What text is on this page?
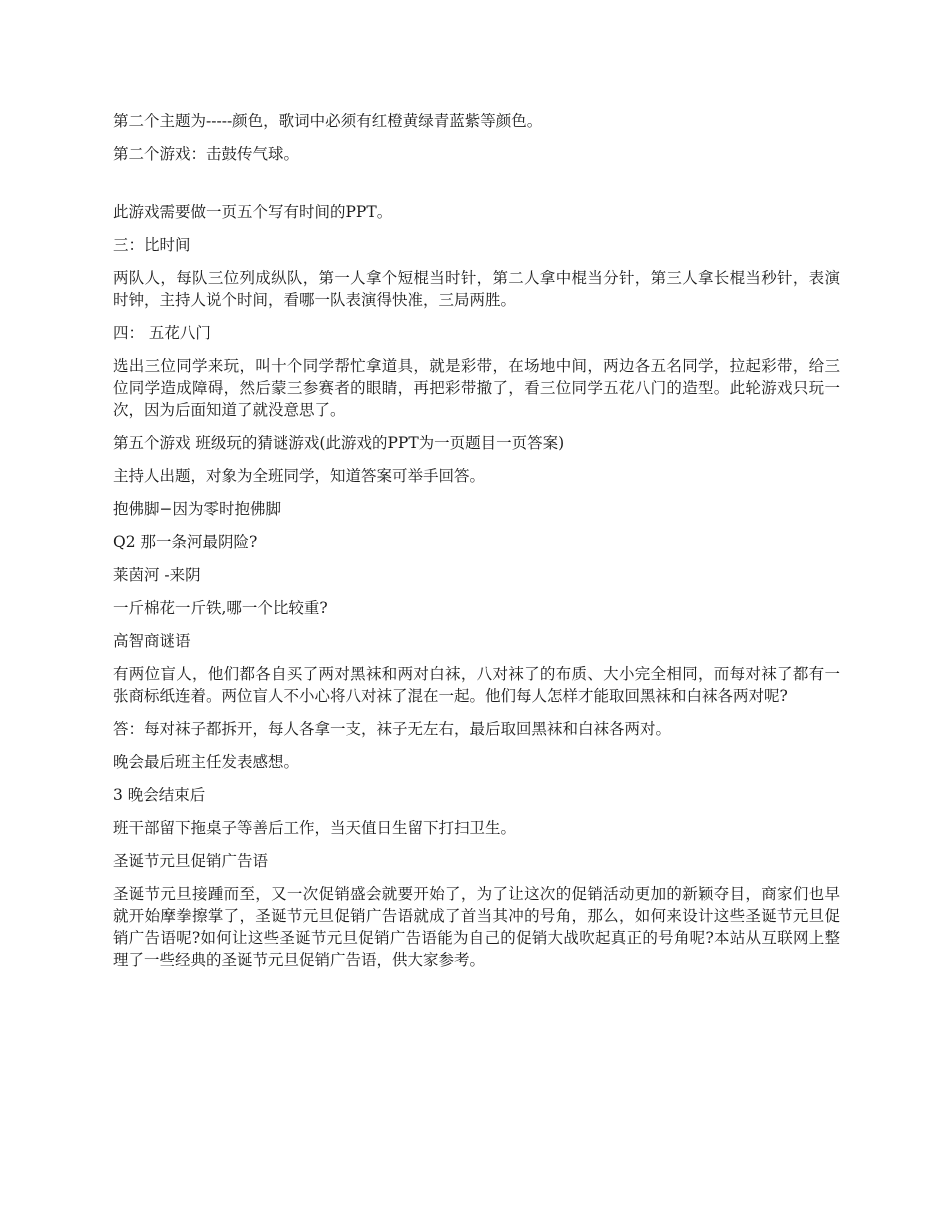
第二个主题为-----颜色，歌词中必须有红橙黄绿青蓝紫等颜色。

第二个游戏：击鼓传气球。

此游戏需要做一页五个写有时间的PPT。

三：比时间

两队人，每队三位列成纵队，第一人拿个短棍当时针，第二人拿中棍当分针，第三人拿长棍当秒针，表演时钟，主持人说个时间，看哪一队表演得快准，三局两胜。

四： 五花八门

选出三位同学来玩，叫十个同学帮忙拿道具，就是彩带，在场地中间，两边各五名同学，拉起彩带，给三位同学造成障碍，然后蒙三参赛者的眼睛，再把彩带撤了，看三位同学五花八门的造型。此轮游戏只玩一次，因为后面知道了就没意思了。

第五个游戏 班级玩的猜谜游戏(此游戏的PPT为一页题目一页答案)

主持人出题，对象为全班同学，知道答案可举手回答。

抱佛脚−因为零时抱佛脚

Q2 那一条河最阴险?

莱茵河 -来阴

一斤棉花一斤铁,哪一个比较重?

高智商谜语

有两位盲人，他们都各自买了两对黑袜和两对白袜，八对袜了的布质、大小完全相同，而每对袜了都有一张商标纸连着。两位盲人不小心将八对袜了混在一起。他们每人怎样才能取回黑袜和白袜各两对呢?

答：每对袜子都拆开，每人各拿一支，袜子无左右，最后取回黑袜和白袜各两对。

晚会最后班主任发表感想。

3 晚会结束后

班干部留下拖桌子等善后工作，当天值日生留下打扫卫生。

圣诞节元旦促销广告语

圣诞节元旦接踵而至，又一次促销盛会就要开始了，为了让这次的促销活动更加的新颖夺目，商家们也早就开始摩拳擦掌了，圣诞节元旦促销广告语就成了首当其冲的号角，那么，如何来设计这些圣诞节元旦促销广告语呢?如何让这些圣诞节元旦促销广告语能为自己的促销大战吹起真正的号角呢?本站从互联网上整理了一些经典的圣诞节元旦促销广告语，供大家参考。
